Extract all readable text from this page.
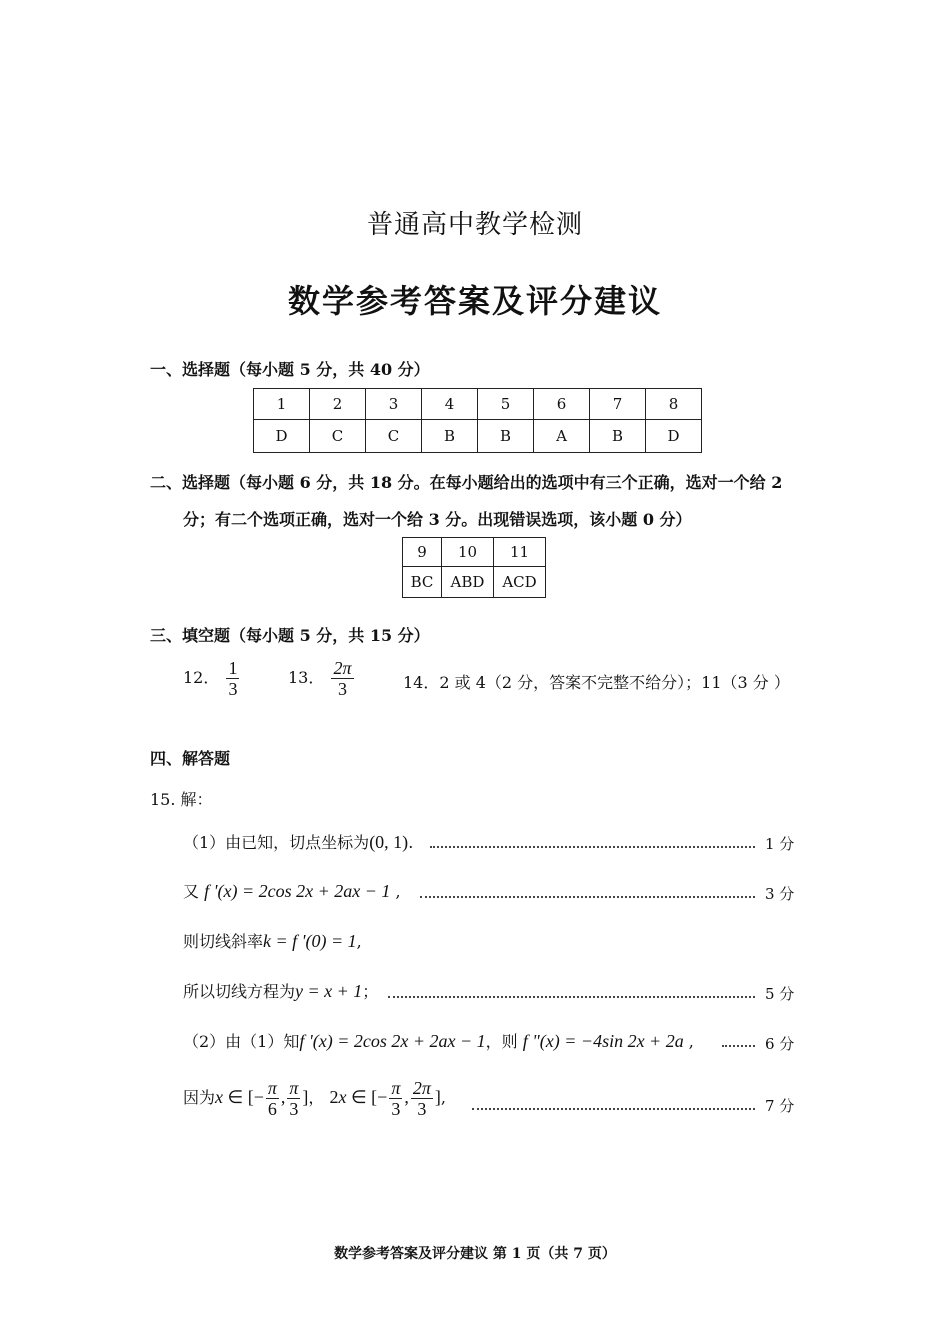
普通高中教学检测
数学参考答案及评分建议
一、选择题（每小题 5 分，共 40 分）
1	2	3	4	5	6	7	8
D	C	C	B	B	A	B	D
二、选择题（每小题 6 分，共 18 分。在每小题给出的选项中有三个正确，选对一个给 2
分；有二个选项正确，选对一个给 3 分。出现错误选项，该小题 0 分）
9	10	11
BC	ABD	ACD
三、填空题（每小题 5 分，共 15 分）
12． $\frac{1}{3}$	13． $\frac{2\pi}{3}$	14．2 或 4（2 分，答案不完整不给分）；11（3 分 ）
四、解答题
15. 解：
（1）由已知，切点坐标为(0, 1).	1 分
又 f '(x) = 2cos 2x + 2ax − 1 ,	3 分
则切线斜率k = f '(0) = 1,
所以切线方程为y = x + 1；	5 分
（2）由（1）知f '(x) = 2cos 2x + 2ax − 1，则 f "(x) = −4sin 2x + 2a ,	6 分
因为x ∈ [− $\frac{\pi}{6}$ , $\frac{\pi}{3}$ ]， 2x ∈ [− $\frac{\pi}{3}$ , $\frac{2\pi}{3}$ ],	7 分
数学参考答案及评分建议 第 1 页（共 7 页）
